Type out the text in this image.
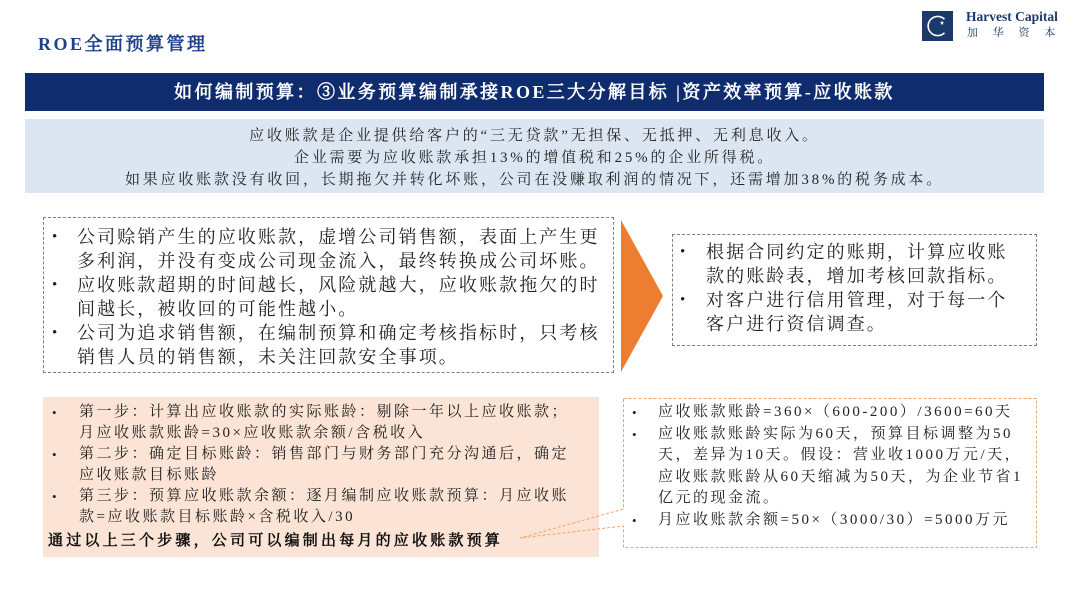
ROE全面预算管理
Harvest Capital
加 华 资 本
如何编制预算：③业务预算编制承接ROE三大分解目标 |资产效率预算-应收账款
应收账款是企业提供给客户的“三无贷款”无担保、无抵押、无利息收入。
企业需要为应收账款承担13%的增值税和25%的企业所得税。
如果应收账款没有收回，长期拖欠并转化坏账，公司在没赚取利润的情况下，还需增加38%的税务成本。
•
公司赊销产生的应收账款，虚增公司销售额，表面上产生更多利润，并没有变成公司现金流入，最终转换成公司坏账。
•
应收账款超期的时间越长，风险就越大，应收账款拖欠的时间越长，被收回的可能性越小。
•
公司为追求销售额，在编制预算和确定考核指标时，只考核销售人员的销售额，未关注回款安全事项。
•
根据合同约定的账期，计算应收账款的账龄表，增加考核回款指标。
•
对客户进行信用管理，对于每一个客户进行资信调查。
•
第一步：计算出应收账款的实际账龄：剔除一年以上应收账款；月应收账款账龄=30×应收账款余额/含税收入
•
第二步：确定目标账龄：销售部门与财务部门充分沟通后，确定应收账款目标账龄
•
第三步：预算应收账款余额：逐月编制应收账款预算：月应收账款=应收账款目标账龄×含税收入/30
通过以上三个步骤，公司可以编制出每月的应收账款预算
•
应收账款账龄=360×（600-200）/3600=60天
•
应收账款账龄实际为60天，预算目标调整为50天，差异为10天。假设：营业收1000万元/天，应收账款账龄从60天缩减为50天，为企业节省1亿元的现金流。
•
月应收账款余额=50×（3000/30）=5000万元
